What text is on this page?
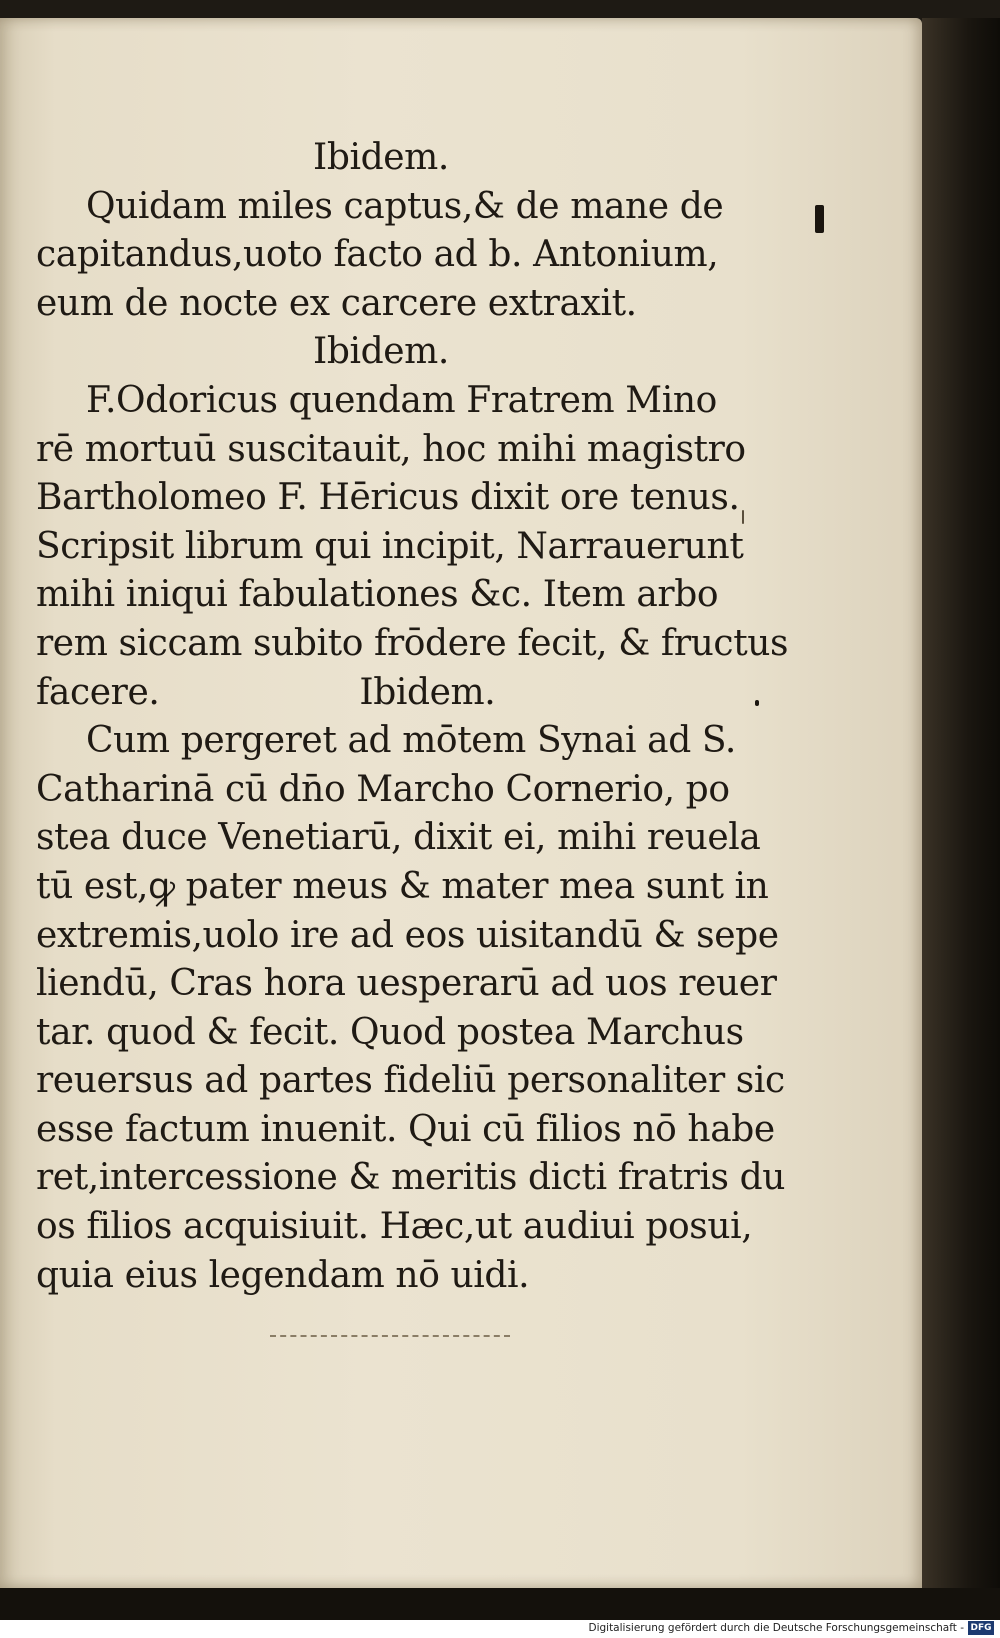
Ibidem.
Quidam miles captus,& de mane de
capitandus,uoto facto ad b. Antonium,
eum de nocte ex carcere extraxit.
Ibidem.
F.Odoricus quendam Fratrem Mino
rē mortuū suscitauit, hoc mihi magistro
Bartholomeo F. Hēricus dixit ore tenus.
Scripsit librum qui incipit, Narrauerunt
mihi iniqui fabulationes &c. Item arbo
rem siccam subito frōdere fecit, & fructus
facere.	Ibidem.
Cum pergeret ad mōtem Synai ad S.
Catharinā cū dn̄o Marcho Cornerio, po
stea duce Venetiarū, dixit ei, mihi reuela
tū est,ꝙ pater meus & mater mea sunt in
extremis,uolo ire ad eos uisitandū & sepe
liendū, Cras hora uesperarū ad uos reuer
tar. quod & fecit. Quod postea Marchus
reuersus ad partes fideliū personaliter sic
esse factum inuenit. Qui cū filios nō habe
ret,intercessione & meritis dicti fratris du
os filios acquisiuit. Hæc,ut audiui posui,
quia eius legendam nō uidi.
Digitalisierung gefördert durch die Deutsche Forschungsgemeinschaft - DFG
